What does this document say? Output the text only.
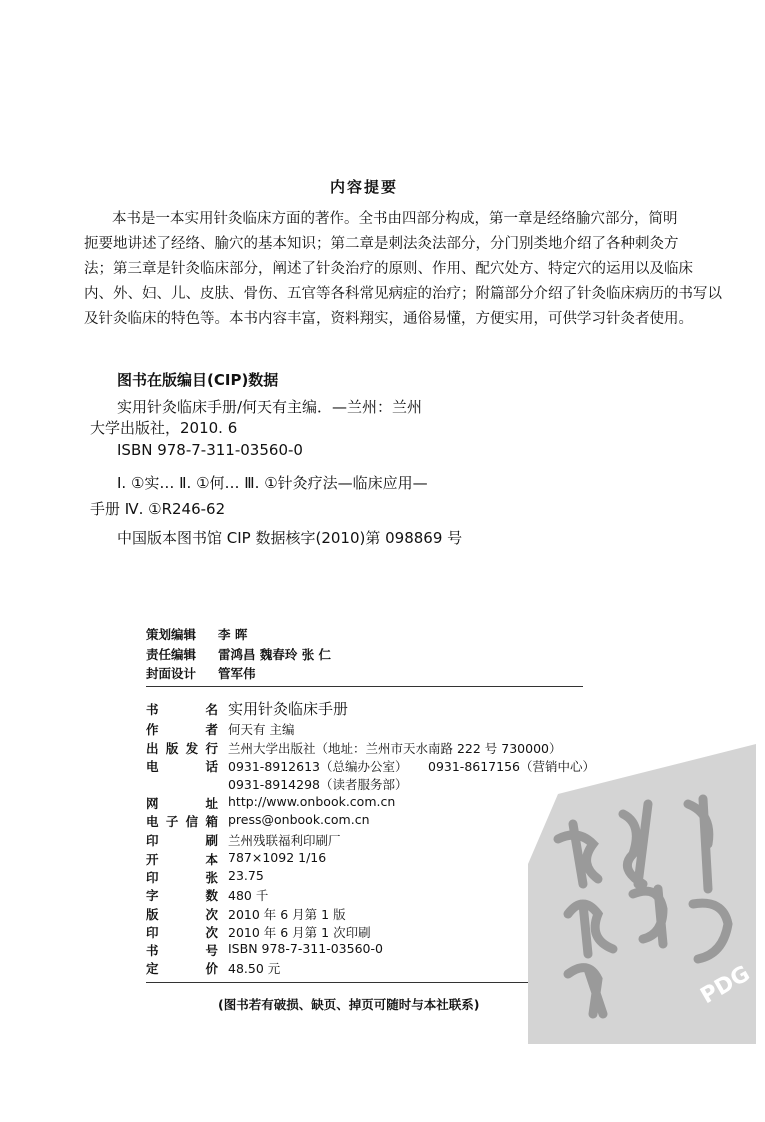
内容提要
本书是一本实用针灸临床方面的著作。全书由四部分构成，第一章是经络腧穴部分，简明
扼要地讲述了经络、腧穴的基本知识；第二章是刺法灸法部分，分门别类地介绍了各种刺灸方
法；第三章是针灸临床部分，阐述了针灸治疗的原则、作用、配穴处方、特定穴的运用以及临床
内、外、妇、儿、皮肤、骨伤、五官等各科常见病症的治疗；附篇部分介绍了针灸临床病历的书写以
及针灸临床的特色等。本书内容丰富，资料翔实，通俗易懂，方便实用，可供学习针灸者使用。
图书在版编目(CIP)数据
实用针灸临床手册/何天有主编．—兰州：兰州
大学出版社，2010. 6
ISBN 978-7-311-03560-0
Ⅰ. ①实… Ⅱ. ①何… Ⅲ. ①针灸疗法—临床应用—
手册 Ⅳ. ①R246-62
中国版本图书馆 CIP 数据核字(2010)第 098869 号
策划编辑 李 晖
责任编辑 雷鸿昌 魏春玲 张 仁
封面设计 管军伟
书名 实用针灸临床手册
作者 何天有 主编
出版发行 兰州大学出版社（地址：兰州市天水南路 222 号 730000）
电话 0931-8912613（总编办公室） 0931-8617156（营销中心）
0931-8914298（读者服务部）
网址 http://www.onbook.com.cn
电子信箱 press@onbook.com.cn
印刷 兰州残联福利印刷厂
开本 787×1092 1/16
印张 23.75
字数 480 千
版次 2010 年 6 月第 1 版
印次 2010 年 6 月第 1 次印刷
书号 ISBN 978-7-311-03560-0
定价 48.50 元
(图书若有破损、缺页、掉页可随时与本社联系)	PDG
